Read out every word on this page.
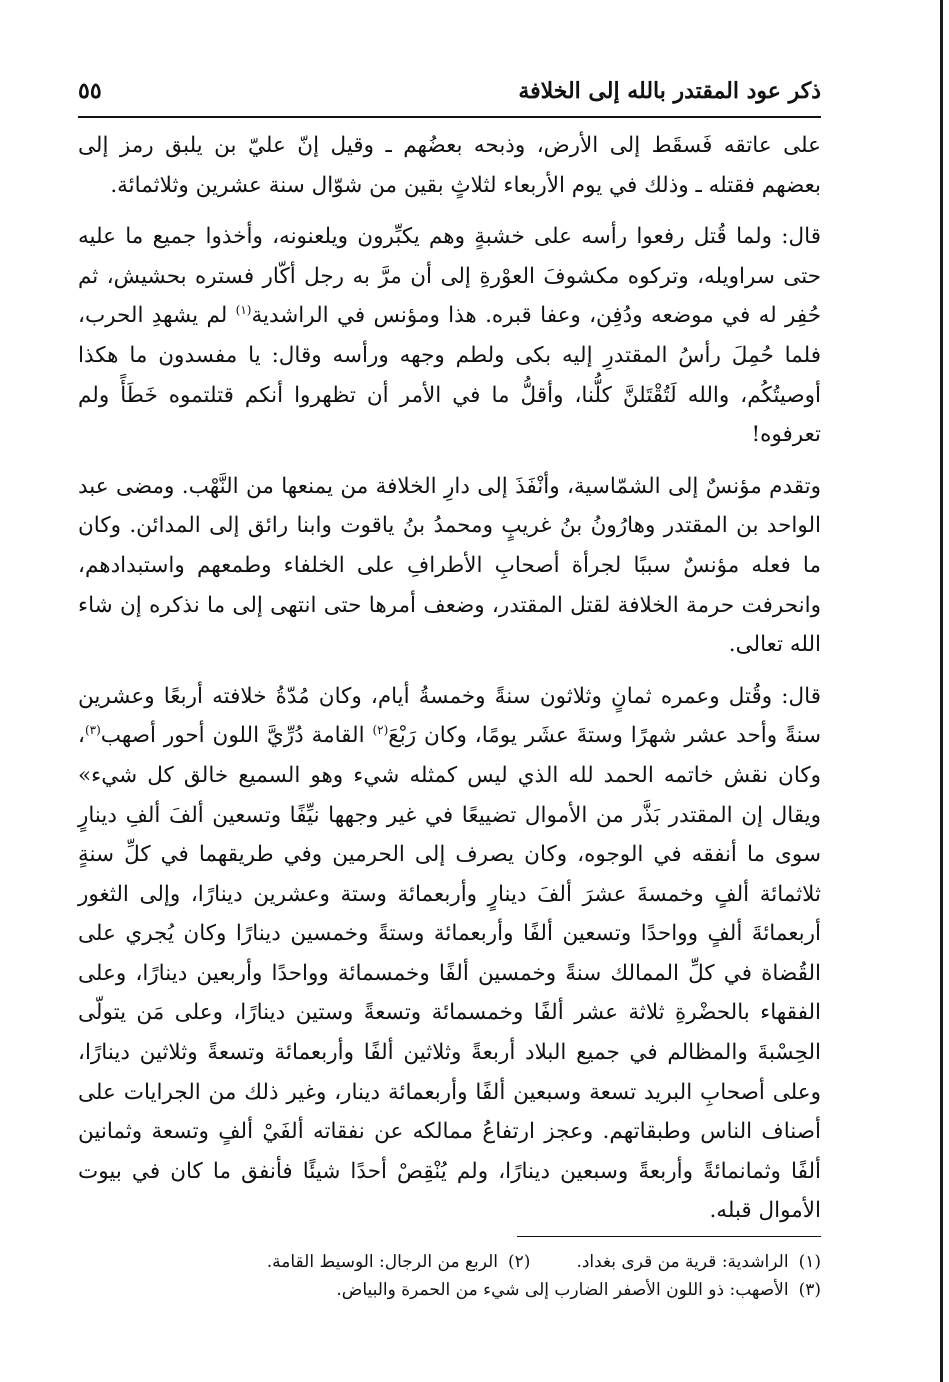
ذكر عود المقتدر بالله إلى الخلافة
٥٥

على عاتقه فَسقَط إلى الأرض، وذبحه بعضُهم ـ وقيل إنّ عليّ بن يلبق رمز إلى بعضهم فقتله ـ وذلك في يوم الأربعاء لثلاثٍ بقين من شوّال سنة عشرين وثلاثمائة.

قال: ولما قُتل رفعوا رأسه على خشبةٍ وهم يكبِّرون ويلعنونه، وأخذوا جميع ما عليه حتى سراويله، وتركوه مكشوفَ العوْرةِ إلى أن مرَّ به رجل أكّار فستره بحشيش، ثم حُفِر له في موضعه ودُفِن، وعفا قبره. هذا ومؤنس في الراشدية$^{(١)}$ لم يشهدِ الحرب، فلما حُمِلَ رأسُ المقتدرِ إليه بكى ولطم وجهه ورأسه وقال: يا مفسدون ما هكذا أوصيتُكُم، والله لَتُقْتَلنَّ كلُّنا، وأقلُّ ما في الأمر أن تظهروا أنكم قتلتموه خَطَأً ولم تعرفوه!

وتقدم مؤنسٌ إلى الشمّاسية، وأنْفَذَ إلى دارِ الخلافة من يمنعها من النَّهْب. ومضى عبد الواحد بن المقتدر وهارُونُ بنُ غريبٍ ومحمدُ بنُ ياقوت وابنا رائق إلى المدائن. وكان ما فعله مؤنسٌ سببًا لجرأة أصحابِ الأطرافِ على الخلفاء وطمعهم واستبدادهم، وانحرفت حرمة الخلافة لقتل المقتدر، وضعف أمرها حتى انتهى إلى ما نذكره إن شاء الله تعالى.

قال: وقُتل وعمره ثمانٍ وثلاثون سنةً وخمسةُ أيام، وكان مُدّةُ خلافته أربعًا وعشرين سنةً وأحد عشر شهرًا وستةَ عشَر يومًا، وكان رَبْعَ$^{(٢)}$ القامة دُرِّيَّ اللون أحور أصهب$^{(٣)}$، وكان نقش خاتمه الحمد لله الذي ليس كمثله شيء وهو السميع خالق كل شيء» ويقال إن المقتدر بَذَّر من الأموال تضييعًا في غير وجهها نيِّفًا وتسعين ألفَ ألفِ دينارٍ سوى ما أنفقه في الوجوه، وكان يصرف إلى الحرمين وفي طريقهما في كلِّ سنةٍ ثلاثمائة ألفٍ وخمسةَ عشرَ ألفَ دينارٍ وأربعمائة وستة وعشرين دينارًا، وإلى الثغور أربعمائةَ ألفٍ وواحدًا وتسعين ألفًا وأربعمائة وستةً وخمسين دينارًا وكان يُجري على القُضاة في كلِّ الممالك سنةً وخمسين ألفًا وخمسمائة وواحدًا وأربعين دينارًا، وعلى الفقهاء بالحضْرةِ ثلاثة عشر ألفًا وخمسمائة وتسعةً وستين دينارًا، وعلى مَن يتولّى الحِسْبةَ والمظالم في جميع البلاد أربعةً وثلاثين ألفًا وأربعمائة وتسعةً وثلاثين دينارًا، وعلى أصحابِ البريد تسعة وسبعين ألفًا وأربعمائة دينار، وغير ذلك من الجرايات على أصناف الناس وطبقاتهم. وعجز ارتفاعُ ممالكه عن نفقاته ألفَيْ ألفٍ وتسعة وثمانين ألفًا وثمانمائةً وأربعةً وسبعين دينارًا، ولم يُنْقِصْ أحدًا شيئًا فأنفق ما كان في بيوت الأموال قبله.

(١)الراشدية: قرية من قرى بغداد.
(٢)الربع من الرجال: الوسيط القامة.
(٣)الأصهب: ذو اللون الأصفر الضارب إلى شيء من الحمرة والبياض.
